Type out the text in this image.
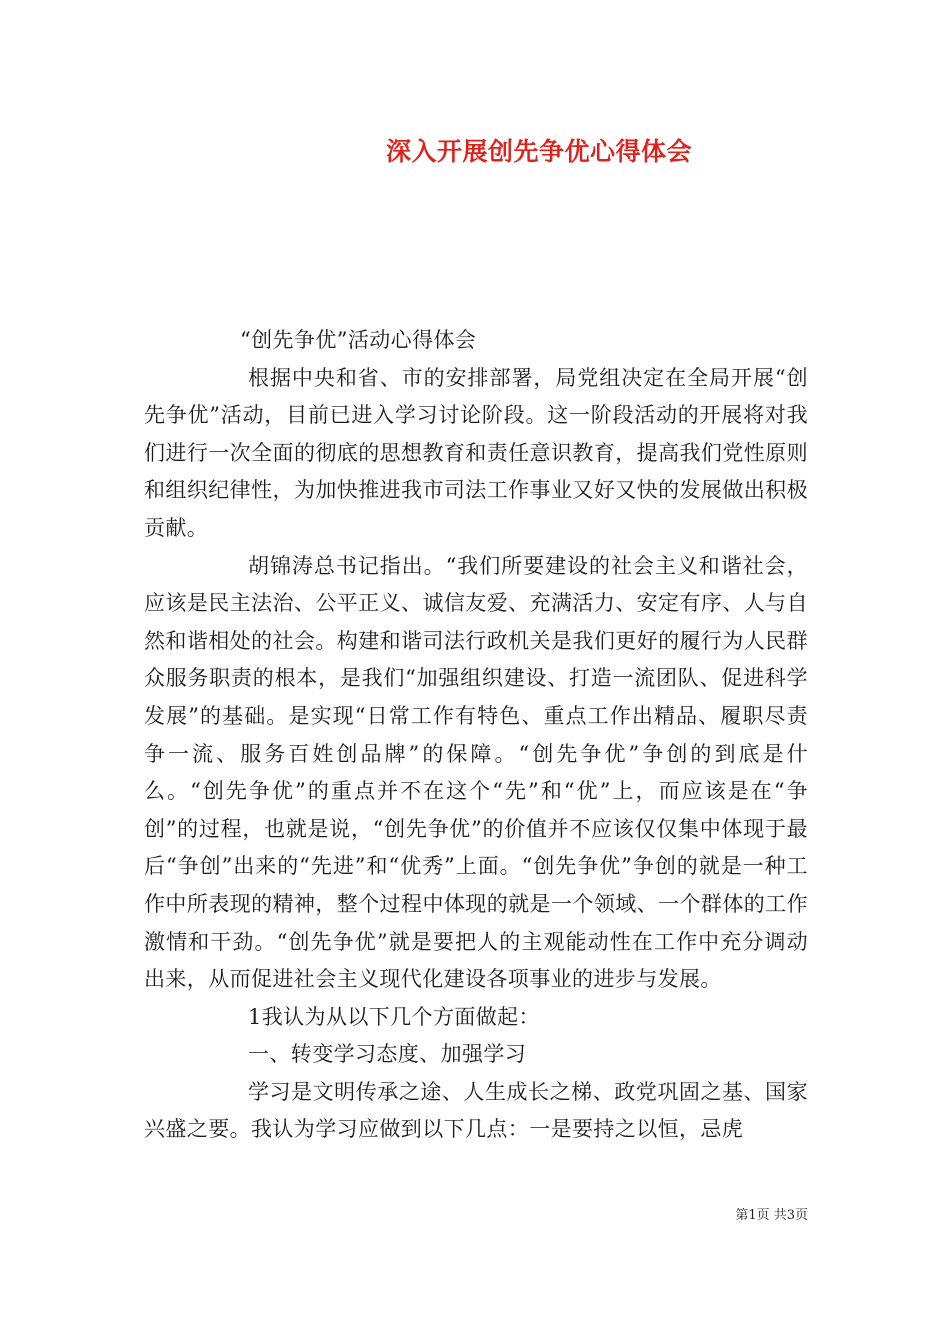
深入开展创先争优心得体会

“创先争优”活动心得体会

根据中央和省、市的安排部署，局党组决定在全局开展“创先争优”活动，目前已进入学习讨论阶段。这一阶段活动的开展将对我们进行一次全面的彻底的思想教育和责任意识教育，提高我们党性原则和组织纪律性，为加快推进我市司法工作事业又好又快的发展做出积极贡献。

胡锦涛总书记指出。“我们所要建设的社会主义和谐社会，应该是民主法治、公平正义、诚信友爱、充满活力、安定有序、人与自然和谐相处的社会。构建和谐司法行政机关是我们更好的履行为人民群众服务职责的根本，是我们“加强组织建设、打造一流团队、促进科学发展”的基础。是实现“日常工作有特色、重点工作出精品、履职尽责争一流、服务百姓创品牌”的保障。“创先争优”争创的到底是什么。“创先争优”的重点并不在这个“先”和“优”上，而应该是在“争创”的过程，也就是说，“创先争优”的价值并不应该仅仅集中体现于最后“争创”出来的“先进”和“优秀”上面。“创先争优”争创的就是一种工作中所表现的精神，整个过程中体现的就是一个领域、一个群体的工作激情和干劲。“创先争优”就是要把人的主观能动性在工作中充分调动出来，从而促进社会主义现代化建设各项事业的进步与发展。

1我认为从以下几个方面做起：

一、转变学习态度、加强学习

学习是文明传承之途、人生成长之梯、政党巩固之基、国家兴盛之要。我认为学习应做到以下几点：一是要持之以恒，忌虎

第1页 共3页
